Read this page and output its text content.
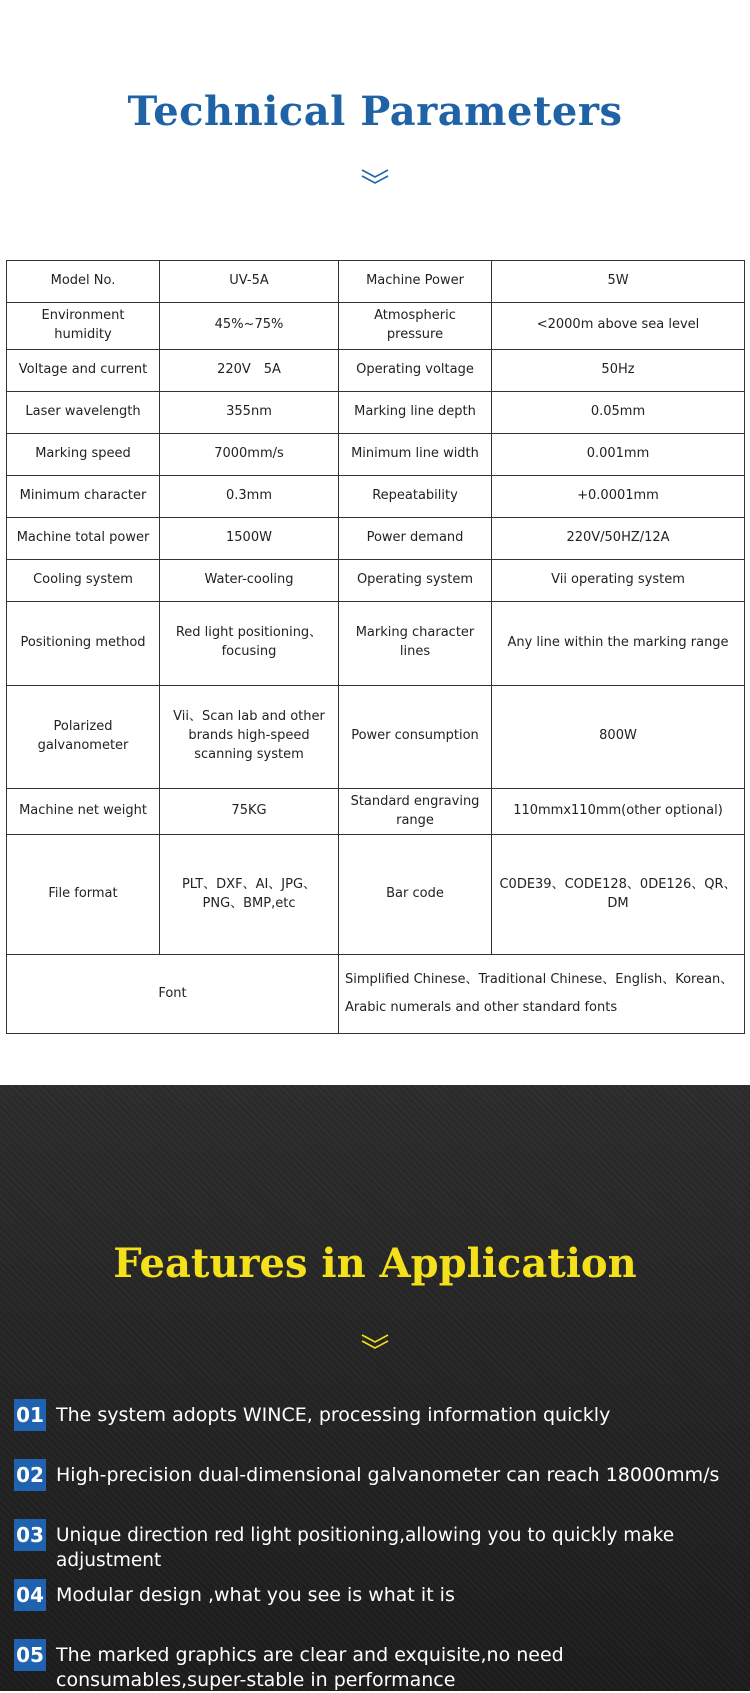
Technical Parameters
Model No.	UV-5A	Machine Power	5W
Environment humidity	45%~75%	Atmospheric pressure	<2000m above sea level
Voltage and current	220V　5A	Operating voltage	50Hz
Laser wavelength	355nm	Marking line depth	0.05mm
Marking speed	7000mm/s	Minimum line width	0.001mm
Minimum character	0.3mm	Repeatability	+0.0001mm
Machine total power	1500W	Power demand	220V/50HZ/12A
Cooling system	Water-cooling	Operating system	Vii operating system
Positioning method	Red light positioning、focusing	Marking character lines	Any line within the marking range
Polarized galvanometer	Vii、Scan lab and other brands high-speed scanning system	Power consumption	800W
Machine net weight	75KG	Standard engraving range	110mmx110mm(other optional)
File format	PLT、DXF、AI、JPG、PNG、BMP,etc	Bar code	C0DE39、CODE128、0DE126、QR、DM
Font		Simplified Chinese、Traditional Chinese、English、Korean、Arabic numerals and other standard fonts	
Features in Application
01 The system adopts WINCE, processing information quickly
02 High-precision dual-dimensional galvanometer can reach 18000mm/s
03 Unique direction red light positioning,allowing you to quickly make adjustment
04 Modular design ,what you see is what it is
05 The marked graphics are clear and exquisite,no need consumables,super-stable in performance
